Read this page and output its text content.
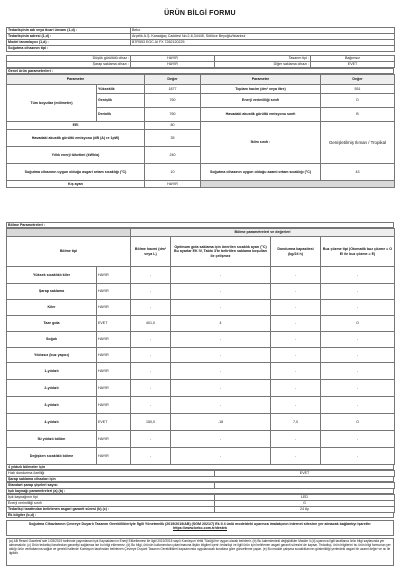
ÜRÜN BİLGİ FORMU
Tedarikçinin adı veya ticari ünvanı (1,d) :	Beko
Tedarikçinin adresi (1,d) :	Arçelik A.Ş. Karaağaç Caddesi No:2-6,34445, Sütlüce Beyoğlu/İstanbul
Model tanımlayıcı (1,d) :	B7R553 EGC AI FX 7282120225
Soğutma cihazının tipi :	
Düşük gürültülü cihaz :	HAYIR	Tasarım tipi :	Bağımsız
Şarap saklama cihazı :	HAYIR	Diğer saklama cihazı :	EVET
Genel ürün parametreleri :
Parametre		Değer	Parametre	Değer
Tüm boyutlar (milimetre)	Yükseklik	1877	Toplam hacim (dm³ veya litre)	551
	Genişlik	760	Enerji verimliliği sınıfı	D
	Derinlik	760	Havadaki akustik gürültü emisyonu sınıfı	B
EEI		80	İklim sınıfı :	Genişletilmiş Ilıman / Tropikal
Havadaki akustik gürültü emisyonu (dB (A) re 1pW)		35		
Yıllık enerji tüketimi (kWh/a)		240		
Soğutma cihazının uygun olduğu asgari ortam sıcaklığı (°C)		10	Soğutma cihazının uygun olduğu azami ortam sıcaklığı (°C)	43
Kış ayarı		HAYIR		
Bölme Parametreleri :
		Bölme parametreleri ve değerleri			
Bölme tipi		Bölme hacmi (dm³ veya L)	Optimum gıda saklama için önerilen sıcaklık ayarı (°C) Bu ayarlar EK IV, Tablo 3'te belirtilen saklama koşulları ile çelişmez	Dondurma kapasitesi (kg/24 h)	Buz çözme tipi (Otomatik buz çözme = O El ile buz çözme = E)
Yüksek sıcaklıklı kiler	HAYIR	-	-	-	-
Şarap saklama	HAYIR	-	-	-	-
Kiler	HAYIR	-	-	-	-
Taze gıda	EVET	401,0	4	-	O
Soğuk	HAYIR	-	-	-	-
Yıldızsız (buz yapıcı)	HAYIR	-	-	-	-
1-yıldızlı	HAYIR	-	-	-	-
2-yıldızlı	HAYIR	-	-	-	-
3-yıldızlı	HAYIR	-	-	-	-
4-yıldızlı	EVET	150,0	-18	7,0	O
İki yıldızlı bölüm	HAYIR	-	-	-	-
Değişken sıcaklıklı bölme	HAYIR	-	-	-	-
4 yıldızlı bölmeler için
Hızlı dondurma özelliği	EVET
Şarap saklama cihazları için
Standart şarap şişeleri sayısı	
Işık kaynağı parametreleri (a) (b) :
Işık kaynağının tipi	LED
Enerji verimliliği sınıfı	G
Tedarikçi tarafından belirlenen asgari garanti süresi (b) (c) :	24 Ay
Ek bilgiler (b,d) :
Soğutma Cihazlarının Çevreye Duyarlı Tasarım Gereklilikleriyle İlgili Yönetmelik (2019/2019/AB) (SGM 2021/7) Ek II 4 ünlü modeldeki uyarınca imalatçının internet sitesine yer alınacak bağlantıyı işaretle: https://www.beko.com.tr/destek
(a) AB Resmi Gazetesi'nde 1/03/2019 tarihinde yayımlanan Işık Kaynaklarının Enerji Etiketlemesi İle İlgili 2019/2015 sayılı Komisyon Yetki Tüzüğü'ne uygun olarak belirlenir. (b) Bu kalemlerdeki değişiklikler Madde 4 (d) uyarınca ilgili taraflarca ürün bilgi sayfasında yer almamalıdır. (c) Ürün tedarikçi tarafından garantiyi sağlamaz ise bu bilgi eklenmez. (d) Bu bilgi, ürünün kullanımdan çıkarılmasına ilişkin bilgileri içerir; tedarikçi ve ilgili ürün için belirlenen asgari garanti süresini de kapsar. Tedarikçi, ürün bilgilerini bu ürün bilgi formunun yer aldığı ürün veritabanına sağlar ve gerekli hallerde Komisyon tarafından belirlenen Çevreye Duyarlı Tasarım Gereklilikleri kapsamında uygulanacak kurallara göre güncelleme yapar. (e) Bu madde çalışma sıcaklıklarının gösterildiği yerlerdeki asgari bir azami değer ve ısı ile ilgilidir.
